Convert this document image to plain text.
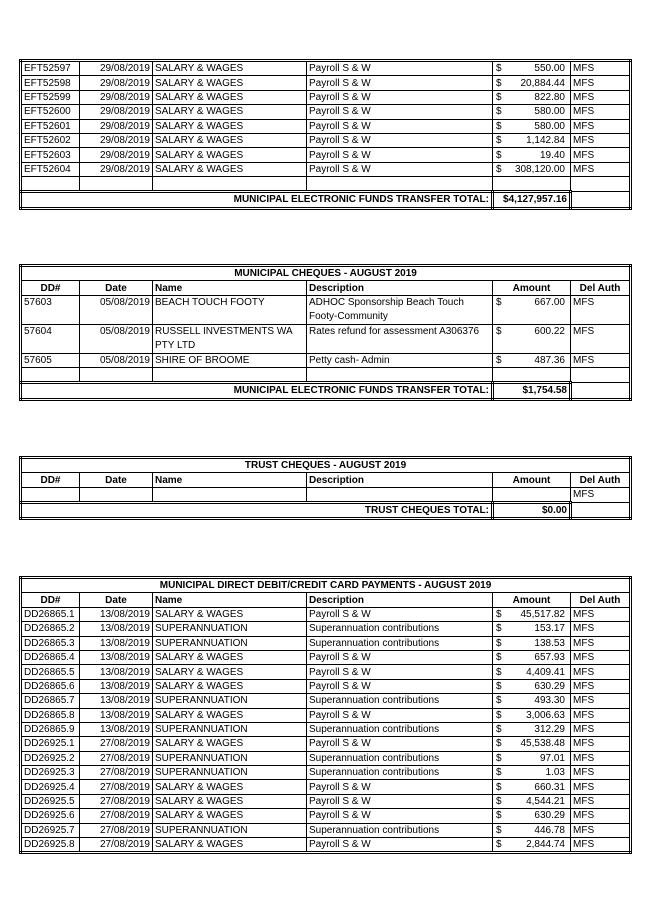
EFT52597	29/08/2019	SALARY & WAGES	Payroll S & W	$ 550.00	MFS
EFT52598	29/08/2019	SALARY & WAGES	Payroll S & W	$ 20,884.44	MFS
EFT52599	29/08/2019	SALARY & WAGES	Payroll S & W	$ 822.80	MFS
EFT52600	29/08/2019	SALARY & WAGES	Payroll S & W	$ 580.00	MFS
EFT52601	29/08/2019	SALARY & WAGES	Payroll S & W	$ 580.00	MFS
EFT52602	29/08/2019	SALARY & WAGES	Payroll S & W	$ 1,142.84	MFS
EFT52603	29/08/2019	SALARY & WAGES	Payroll S & W	$ 19.40	MFS
EFT52604	29/08/2019	SALARY & WAGES	Payroll S & W	$ 308,120.00	MFS

MUNICIPAL ELECTRONIC FUNDS TRANSFER TOTAL:				$4,127,957.16	
MUNICIPAL CHEQUES - AUGUST 2019					
DD#	Date	Name	Description	Amount	Del Auth
57603	05/08/2019	BEACH TOUCH FOOTY	ADHOC Sponsorship Beach Touch Footy-Community	$ 667.00	MFS
57604	05/08/2019	RUSSELL INVESTMENTS WA PTY LTD	Rates refund for assessment A306376	$ 600.22	MFS
57605	05/08/2019	SHIRE OF BROOME	Petty cash- Admin	$ 487.36	MFS

MUNICIPAL ELECTRONIC FUNDS TRANSFER TOTAL:				$1,754.58	
TRUST CHEQUES - AUGUST 2019					
DD#	Date	Name	Description	Amount	Del Auth
					MFS
TRUST CHEQUES TOTAL:				$0.00	
MUNICIPAL DIRECT DEBIT/CREDIT CARD PAYMENTS - AUGUST 2019					
DD#	Date	Name	Description	Amount	Del Auth
DD26865.1	13/08/2019	SALARY & WAGES	Payroll S & W	$ 45,517.82	MFS
DD26865.2	13/08/2019	SUPERANNUATION	Superannuation contributions	$ 153.17	MFS
DD26865.3	13/08/2019	SUPERANNUATION	Superannuation contributions	$ 138.53	MFS
DD26865.4	13/08/2019	SALARY & WAGES	Payroll S & W	$ 657.93	MFS
DD26865.5	13/08/2019	SALARY & WAGES	Payroll S & W	$ 4,409.41	MFS
DD26865.6	13/08/2019	SALARY & WAGES	Payroll S & W	$ 630.29	MFS
DD26865.7	13/08/2019	SUPERANNUATION	Superannuation contributions	$ 493.30	MFS
DD26865.8	13/08/2019	SALARY & WAGES	Payroll S & W	$ 3,006.63	MFS
DD26865.9	13/08/2019	SUPERANNUATION	Superannuation contributions	$ 312.29	MFS
DD26925.1	27/08/2019	SALARY & WAGES	Payroll S & W	$ 45,538.48	MFS
DD26925.2	27/08/2019	SUPERANNUATION	Superannuation contributions	$ 97.01	MFS
DD26925.3	27/08/2019	SUPERANNUATION	Superannuation contributions	$ 1.03	MFS
DD26925.4	27/08/2019	SALARY & WAGES	Payroll S & W	$ 660.31	MFS
DD26925.5	27/08/2019	SALARY & WAGES	Payroll S & W	$ 4,544.21	MFS
DD26925.6	27/08/2019	SALARY & WAGES	Payroll S & W	$ 630.29	MFS
DD26925.7	27/08/2019	SUPERANNUATION	Superannuation contributions	$ 446.78	MFS
DD26925.8	27/08/2019	SALARY & WAGES	Payroll S & W	$ 2,844.74	MFS
